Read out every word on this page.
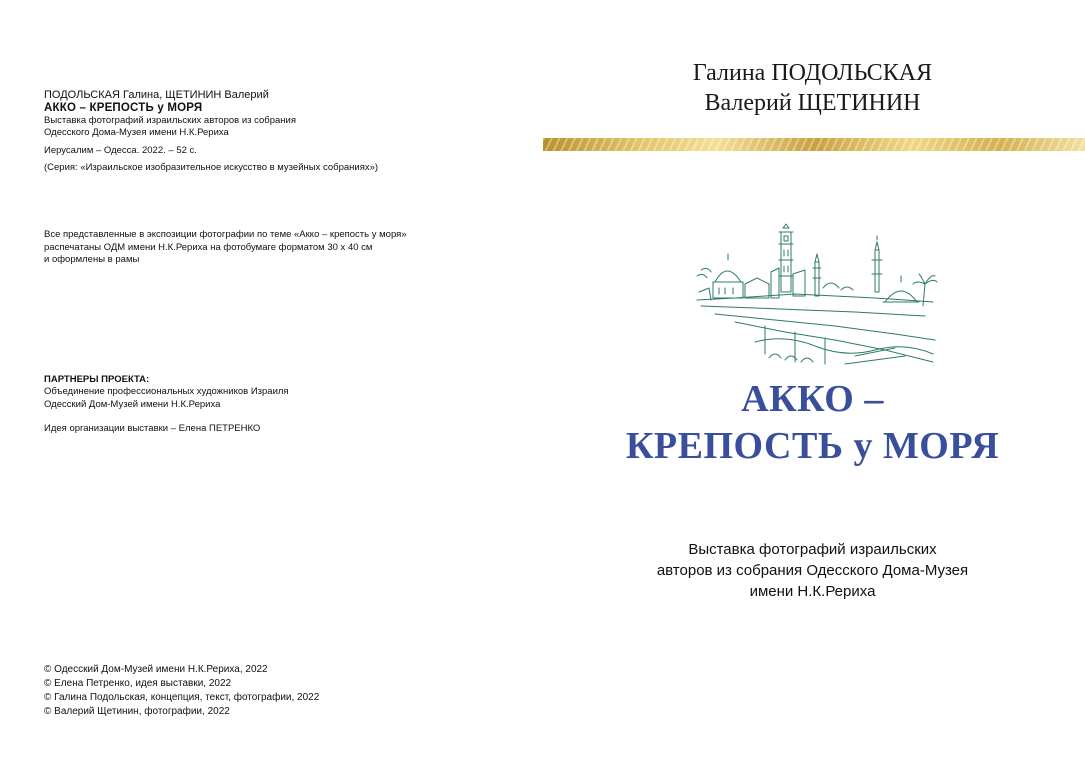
ПОДОЛЬСКАЯ Галина, ЩЕТИНИН Валерий
АККО – КРЕПОСТЬ у МОРЯ
Выставка фотографий израильских авторов из собрания
Одесского Дома-Музея имени Н.К.Рериха
Иерусалим – Одесса. 2022. – 52 с.
(Серия: «Израильское изобразительное искусство в музейных собраниях»)
Все представленные в экспозиции фотографии по теме «Акко – крепость у моря»
распечатаны ОДМ имени Н.К.Рериха на фотобумаге форматом 30 х 40 см
и оформлены в рамы
ПАРТНЕРЫ ПРОЕКТА:
Объединение профессиональных художников Израиля
Одесский Дом-Музей имени Н.К.Рериха
Идея организации выставки – Елена ПЕТРЕНКО
© Одесский Дом-Музей имени Н.К.Рериха, 2022
© Елена Петренко, идея выставки, 2022
© Галина Подольская, концепция, текст, фотографии, 2022
© Валерий Щетинин, фотографии, 2022
Галина ПОДОЛЬСКАЯ
Валерий ЩЕТИНИН
АККО –
КРЕПОСТЬ у МОРЯ
Выставка фотографий израильских
авторов из собрания Одесского Дома-Музея
имени Н.К.Рериха
